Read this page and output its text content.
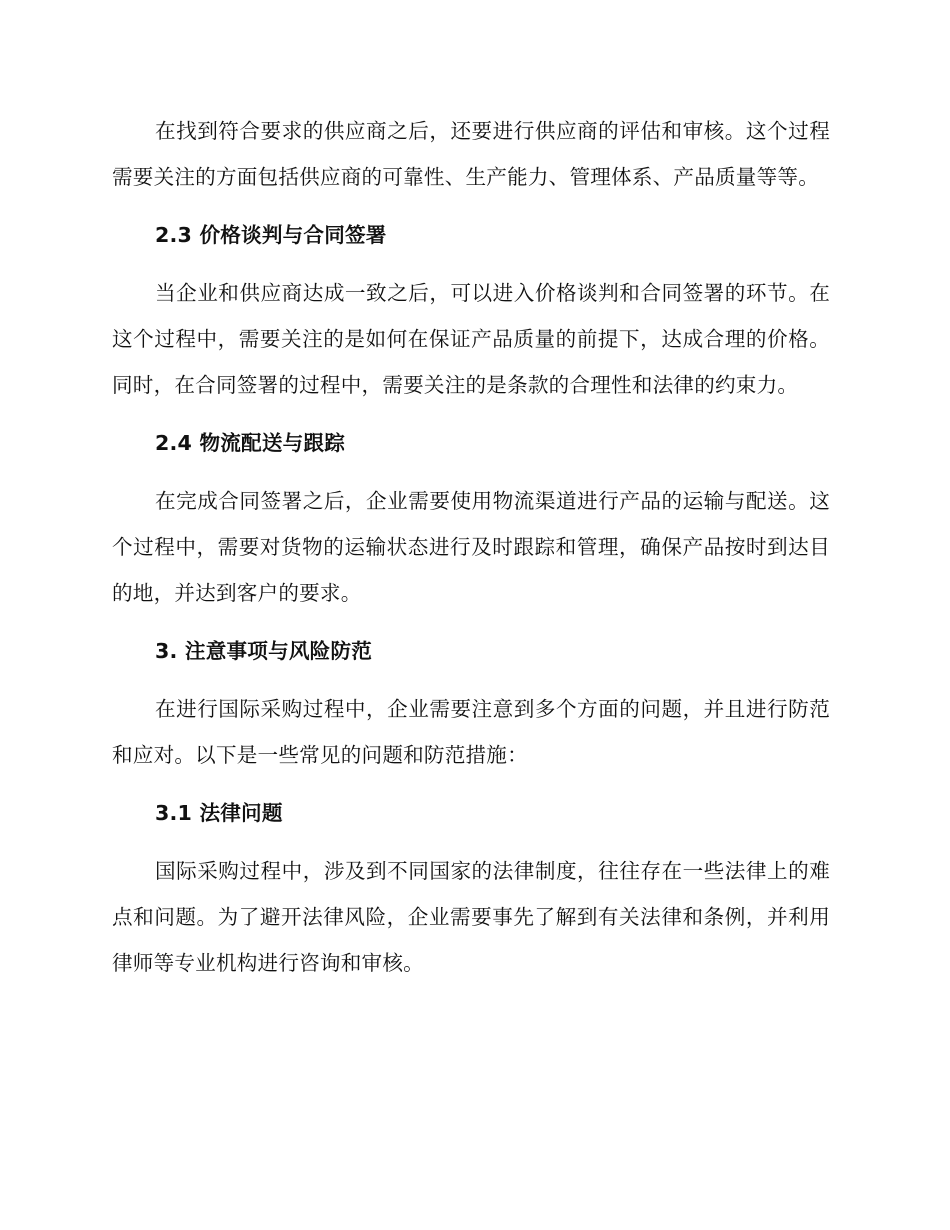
在找到符合要求的供应商之后，还要进行供应商的评估和审核。这个过程需要关注的方面包括供应商的可靠性、生产能力、管理体系、产品质量等等。

2.3 价格谈判与合同签署

当企业和供应商达成一致之后，可以进入价格谈判和合同签署的环节。在这个过程中，需要关注的是如何在保证产品质量的前提下，达成合理的价格。同时，在合同签署的过程中，需要关注的是条款的合理性和法律的约束力。

2.4 物流配送与跟踪

在完成合同签署之后，企业需要使用物流渠道进行产品的运输与配送。这个过程中，需要对货物的运输状态进行及时跟踪和管理，确保产品按时到达目的地，并达到客户的要求。

3. 注意事项与风险防范

在进行国际采购过程中，企业需要注意到多个方面的问题，并且进行防范和应对。以下是一些常见的问题和防范措施：

3.1 法律问题

国际采购过程中，涉及到不同国家的法律制度，往往存在一些法律上的难点和问题。为了避开法律风险，企业需要事先了解到有关法律和条例，并利用律师等专业机构进行咨询和审核。
